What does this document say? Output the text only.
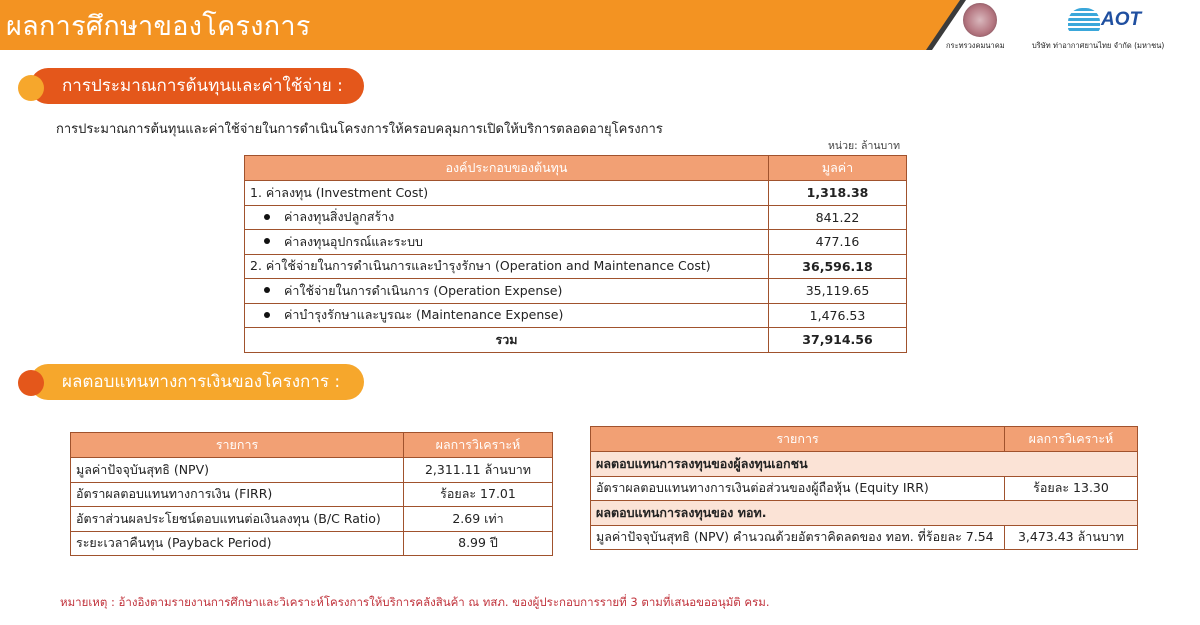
ผลการศึกษาของโครงการ
กระทรวงคมนาคม
AOT
บริษัท ท่าอากาศยานไทย จำกัด (มหาชน)
การประมาณการต้นทุนและค่าใช้จ่าย :
การประมาณการต้นทุนและค่าใช้จ่ายในการดำเนินโครงการให้ครอบคลุมการเปิดให้บริการตลอดอายุโครงการ
หน่วย: ล้านบาท
องค์ประกอบของต้นทุน	มูลค่า
1. ค่าลงทุน (Investment Cost)	1,318.38
ค่าลงทุนสิ่งปลูกสร้าง	841.22
ค่าลงทุนอุปกรณ์และระบบ	477.16
2. ค่าใช้จ่ายในการดำเนินการและบำรุงรักษา (Operation and Maintenance Cost)	36,596.18
ค่าใช้จ่ายในการดำเนินการ (Operation Expense)	35,119.65
ค่าบำรุงรักษาและบูรณะ (Maintenance Expense)	1,476.53
รวม	37,914.56
ผลตอบแทนทางการเงินของโครงการ :
รายการ	ผลการวิเคราะห์
มูลค่าปัจจุบันสุทธิ (NPV)	2,311.11 ล้านบาท
อัตราผลตอบแทนทางการเงิน (FIRR)	ร้อยละ 17.01
อัตราส่วนผลประโยชน์ตอบแทนต่อเงินลงทุน (B/C Ratio)	2.69 เท่า
ระยะเวลาคืนทุน (Payback Period)	8.99 ปี
รายการ	ผลการวิเคราะห์
ผลตอบแทนการลงทุนของผู้ลงทุนเอกชน	
อัตราผลตอบแทนทางการเงินต่อส่วนของผู้ถือหุ้น (Equity IRR)	ร้อยละ 13.30
ผลตอบแทนการลงทุนของ ทอท.	
มูลค่าปัจจุบันสุทธิ (NPV) คำนวณด้วยอัตราคิดลดของ ทอท. ที่ร้อยละ 7.54	3,473.43 ล้านบาท
หมายเหตุ : อ้างอิงตามรายงานการศึกษาและวิเคราะห์โครงการให้บริการคลังสินค้า ณ ทสภ. ของผู้ประกอบการรายที่ 3 ตามที่เสนอขออนุมัติ ครม.
